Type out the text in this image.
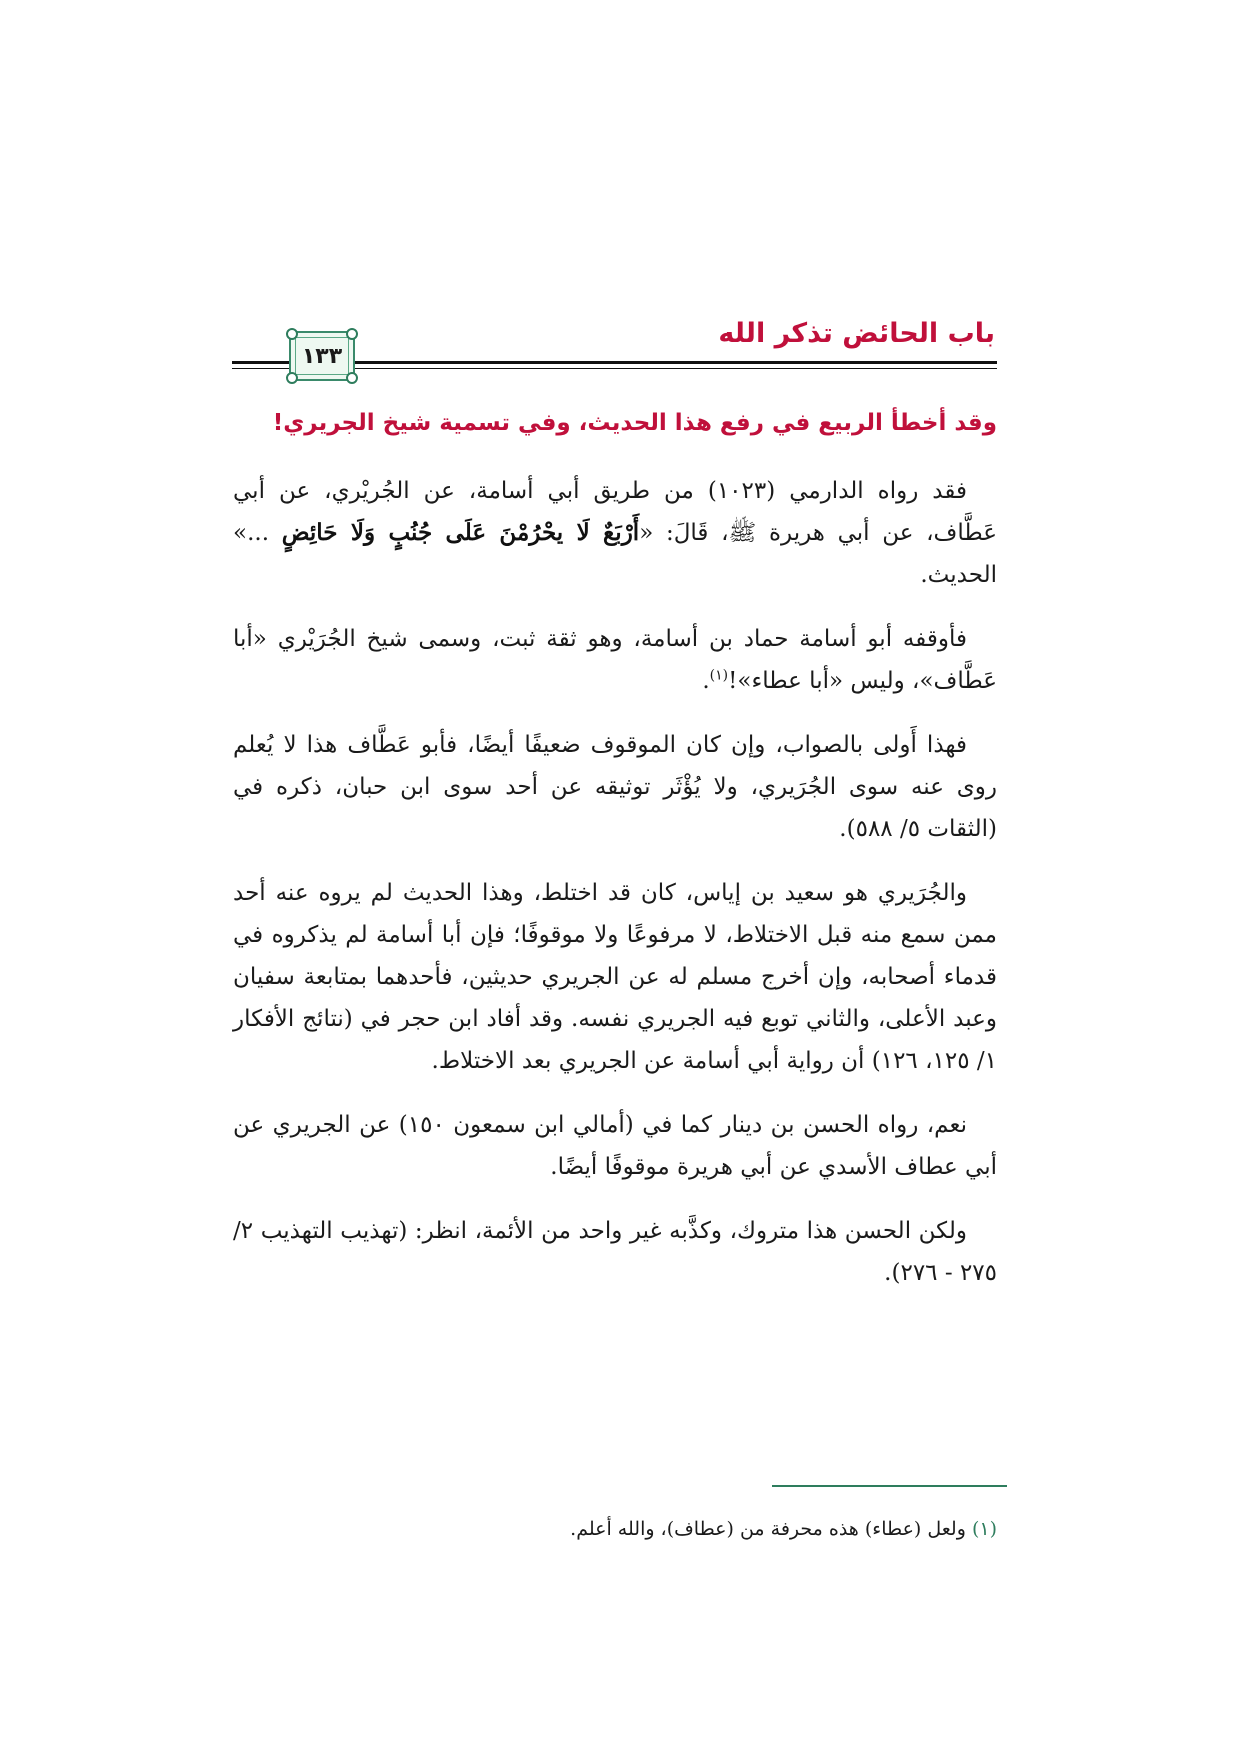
باب الحائض تذكر الله
١٣٣
وقد أخطأ الربيع في رفع هذا الحديث، وفي تسمية شيخ الجريري!

فقد رواه الدارمي (١٠٢٣) من طريق أبي أسامة، عن الجُريْري، عن أبي عَطَّاف، عن أبي هريرة ﷺ، قَالَ: «أَرْبَعٌ لَا يحْرُمْنَ عَلَى جُنُبٍ وَلَا حَائِضٍ ...» الحديث.

فأوقفه أبو أسامة حماد بن أسامة، وهو ثقة ثبت، وسمى شيخ الجُرَيْري «أبا عَطَّاف»، وليس «أبا عطاء»!$^{(١)}$.

فهذا أَولى بالصواب، وإن كان الموقوف ضعيفًا أيضًا، فأبو عَطَّاف هذا لا يُعلم روى عنه سوى الجُرَيري، ولا يُؤْثَر توثيقه عن أحد سوى ابن حبان، ذكره في (الثقات ٥/ ٥٨٨).

والجُرَيري هو سعيد بن إياس، كان قد اختلط، وهذا الحديث لم يروه عنه أحد ممن سمع منه قبل الاختلاط، لا مرفوعًا ولا موقوفًا؛ فإن أبا أسامة لم يذكروه في قدماء أصحابه، وإن أخرج مسلم له عن الجريري حديثين، فأحدهما بمتابعة سفيان وعبد الأعلى، والثاني توبع فيه الجريري نفسه. وقد أفاد ابن حجر في (نتائج الأفكار ١/ ١٢٥، ١٢٦) أن رواية أبي أسامة عن الجريري بعد الاختلاط.

نعم، رواه الحسن بن دينار كما في (أمالي ابن سمعون ١٥٠) عن الجريري عن أبي عطاف الأسدي عن أبي هريرة موقوفًا أيضًا.

ولكن الحسن هذا متروك، وكذَّبه غير واحد من الأئمة، انظر: (تهذيب التهذيب ٢/ ٢٧٥ - ٢٧٦).

(١) ولعل (عطاء) هذه محرفة من (عطاف)، والله أعلم.
